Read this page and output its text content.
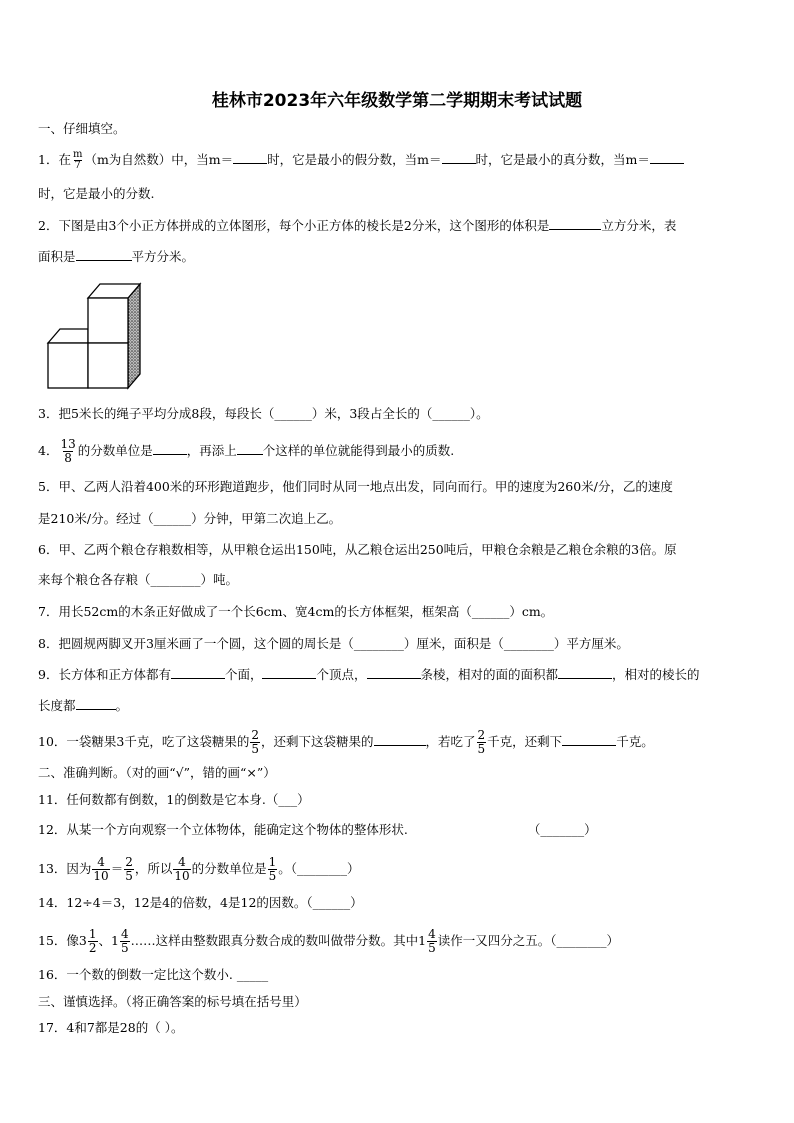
桂林市2023年六年级数学第二学期期末考试试题
一、仔细填空。
1．在 $\frac{m}{7} (m$为自然数）中，当m＝	时，它是最小的假分数，当m＝	时，它是最小的真分数，当m＝
时，它是最小的分数.
2．下图是由3个小正方体拼成的立体图形，每个小正方体的棱长是2分米，这个图形的体积是	立方分米，表
面积是	平方分米。
3．把5米长的绳子平均分成8段，每段长（______）米，3段占全长的（______）。
4． $\frac{13}{8}$ 的分数单位是	，再添上 个这样的单位就能得到最小的质数.
5．甲、乙两人沿着400米的环形跑道跑步，他们同时从同一地点出发，同向而行。甲的速度为260米/分，乙的速度
是210米/分。经过（______）分钟，甲第二次追上乙。
6．甲、乙两个粮仓存粮数相等，从甲粮仓运出150吨，从乙粮仓运出250吨后，甲粮仓余粮是乙粮仓余粮的3倍。原
来每个粮仓各存粮（________）吨。
7．用长52cm的木条正好做成了一个长6cm、宽4cm的长方体框架，框架高（______）cm。
8．把圆规两脚叉开3厘米画了一个圆，这个圆的周长是（________）厘米，面积是（________）平方厘米。
9．长方体和正方体都有	个面，	个顶点，	条棱，相对的面的面积都	，相对的棱长的
长度都	。
10．一袋糖果3千克，吃了这袋糖果的 $\frac{2}{5}$ ，还剩下这袋糖果的	，若吃了 $\frac{2}{5}$ 千克，还剩下	千克。
二、准确判断。（对的画“√”，错的画“×”）
11．任何数都有倒数，1的倒数是它本身.（___）
12．从某一个方向观察一个立体物体，能确定这个物体的整体形状.	（_______）
13．因为 $\frac{4}{10} = \frac{2}{5}$ ，所以 $\frac{4}{10}$ 的分数单位是 $\frac{1}{5}$ 。（________）
14．12÷4＝3，12是4的倍数，4是12的因数。（______）
15．像$3 \frac{1}{2}$ 、$1 \frac{4}{5}$ ……这样由整数跟真分数合成的数叫做带分数。其中$1 \frac{4}{5}$ 读作一又四分之五。（________）
16．一个数的倒数一定比这个数小. _____
三、谨慎选择。（将正确答案的标号填在括号里）
17．4和7都是28的（ ）。
